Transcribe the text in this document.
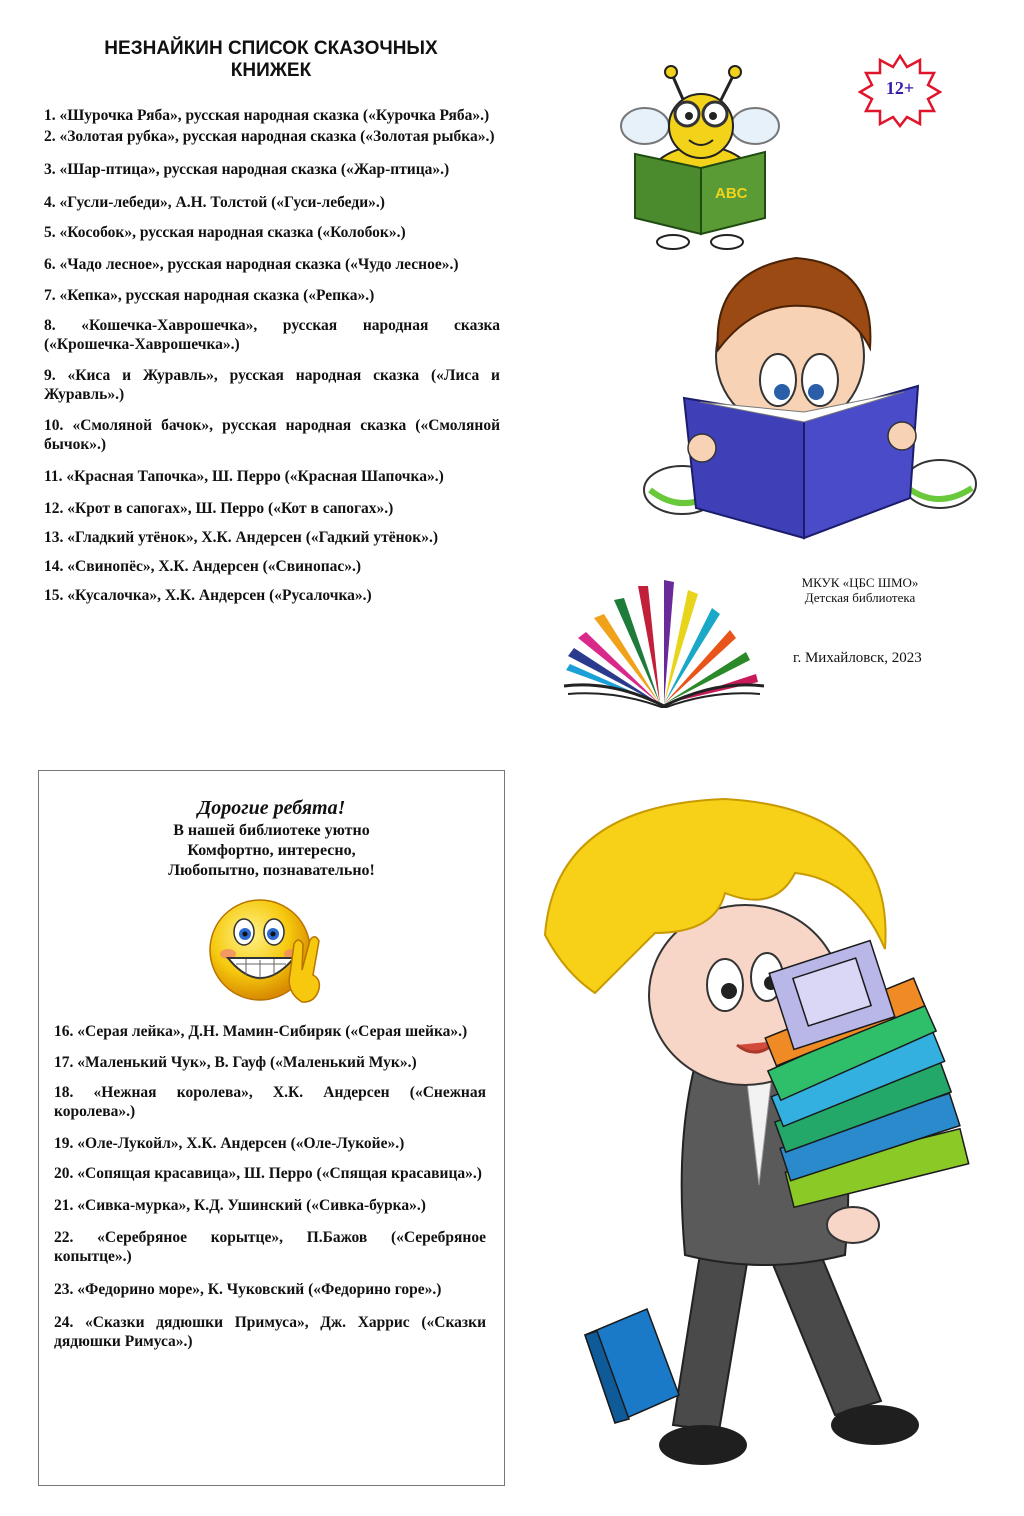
НЕЗНАЙКИН СПИСОК СКАЗОЧНЫХ
КНИЖЕК
1. «Шурочка Ряба», русская народная сказка («Курочка Ряба».)
2. «Золотая рубка», русская народная сказка («Золотая рыбка».)
3. «Шар-птица», русская народная сказка («Жар-птица».)
4. «Гусли-лебеди», А.Н. Толстой («Гуси-лебеди».)
5. «Кособок», русская народная сказка («Колобок».)
6. «Чадо лесное», русская народная сказка («Чудо лесное».)
7. «Кепка», русская народная сказка («Репка».)
8. «Кошечка-Хаврошечка», русская народная сказка («Крошечка-Хаврошечка».)
9. «Киса и Журавль», русская народная сказка («Лиса и Журавль».)
10. «Смоляной бачок», русская народная сказка («Смоляной бычок».)
11. «Красная Тапочка», Ш. Перро («Красная Шапочка».)
12. «Крот в сапогах», Ш. Перро («Кот в сапогах».)
13. «Гладкий утёнок», Х.К. Андерсен («Гадкий утёнок».)
14. «Свинопёс», Х.К. Андерсен («Свинопас».)
15. «Кусалочка», Х.К. Андерсен («Русалочка».)
12+
ABC
МКУК «ЦБС ШМО»
Детская библиотека
г. Михайловск, 2023
Дорогие ребята!
В нашей библиотеке уютно
Комфортно, интересно,
Любопытно, познавательно!
16. «Серая лейка», Д.Н. Мамин-Сибиряк («Серая шейка».)
17. «Маленький Чук», В. Гауф («Маленький Мук».)
18. «Нежная королева», Х.К. Андерсен («Снежная королева».)
19. «Оле-Лукойл», Х.К. Андерсен («Оле-Лукойе».)
20. «Сопящая красавица», Ш. Перро («Спящая красавица».)
21. «Сивка-мурка», К.Д. Ушинский («Сивка-бурка».)
22. «Серебряное корытце», П.Бажов («Серебряное копытце».)
23. «Федорино море», К. Чуковский («Федорино горе».)
24. «Сказки дядюшки Примуса», Дж. Харрис («Сказки дядюшки Римуса».)
